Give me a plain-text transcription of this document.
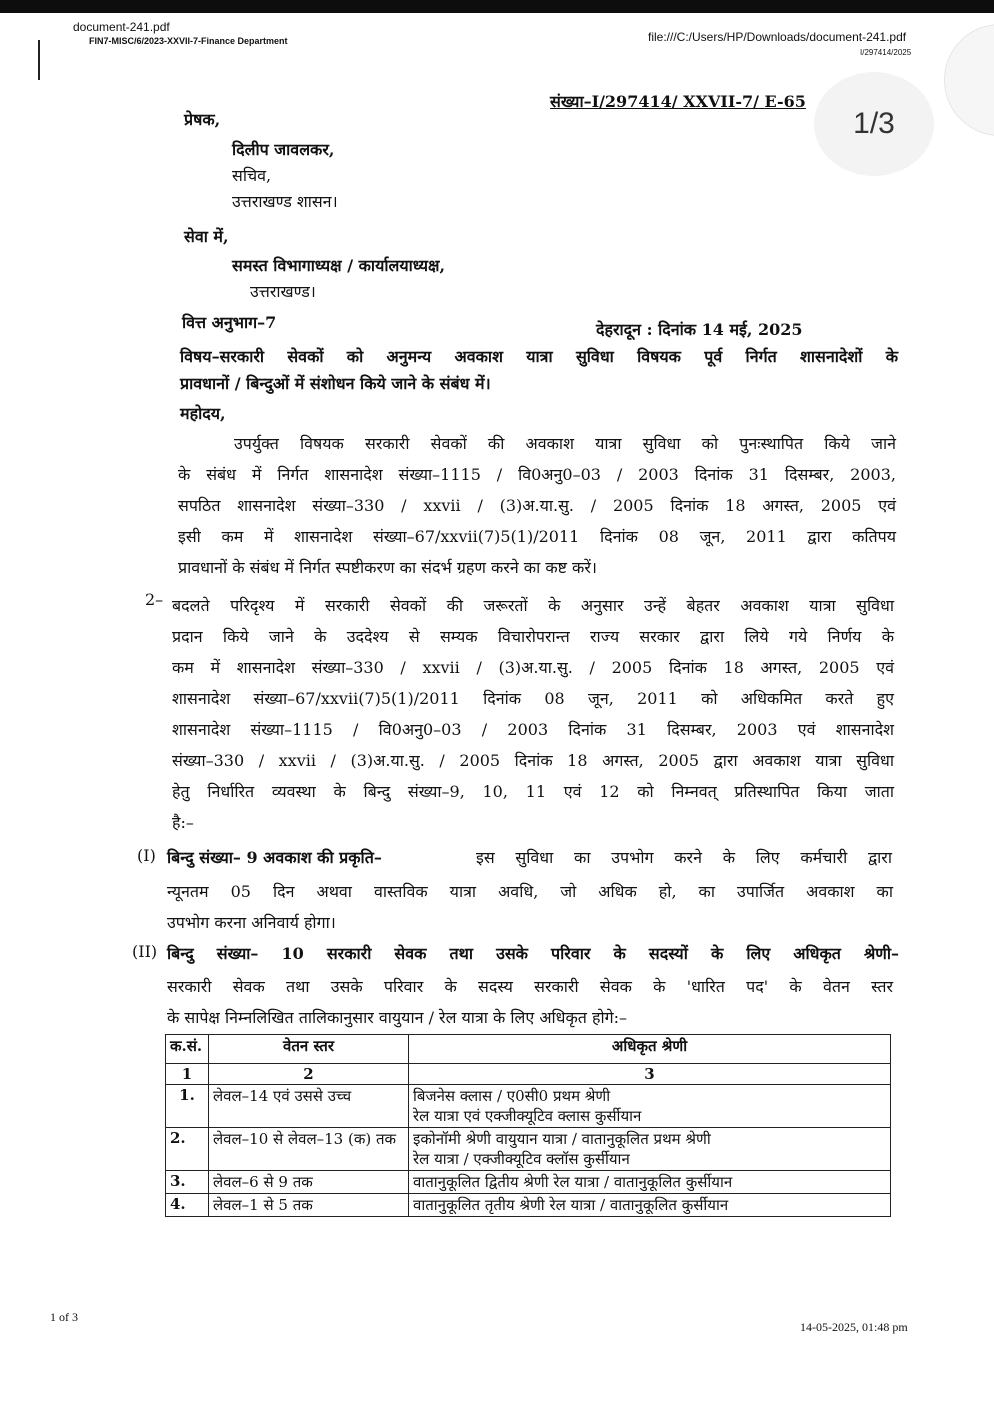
document-241.pdf
FIN7-MISC/6/2023-XXVII-7-Finance Department	file:///C:/Users/HP/Downloads/document-241.pdf
I/297414/2025
1/3
संख्या–I/297414/ XXVII-7/ E-65
प्रेषक,
दिलीप जावलकर,
सचिव,
उत्तराखण्ड शासन।
सेवा में,
समस्त विभागाध्यक्ष / कार्यालयाध्यक्ष,
उत्तराखण्ड।
वित्त अनुभाग–7	देहरादून : दिनांक 14 मई, 2025
विषय–सरकारी सेवकों को अनुमन्य अवकाश यात्रा सुविधा विषयक पूर्व निर्गत शासनादेशों के
प्रावधानों / बिन्दुओं में संशोधन किये जाने के संबंध में।
महोदय,
उपर्युक्त विषयक सरकारी सेवकों की अवकाश यात्रा सुविधा को पुनःस्थापित किये जाने
के संबंध में निर्गत शासनादेश संख्या–1115 / वि0अनु0–03 / 2003 दिनांक 31 दिसम्बर, 2003,
सपठित शासनादेश संख्या–330 / xxvii / (3)अ.या.सु. / 2005 दिनांक 18 अगस्त, 2005 एवं
इसी कम में शासनादेश संख्या–67/xxvii(7)5(1)/2011 दिनांक 08 जून, 2011 द्वारा कतिपय
प्रावधानों के संबंध में निर्गत स्पष्टीकरण का संदर्भ ग्रहण करने का कष्ट करें।
2– बदलते परिदृश्य में सरकारी सेवकों की जरूरतों के अनुसार उन्हें बेहतर अवकाश यात्रा सुविधा
प्रदान किये जाने के उददेश्य से सम्यक विचारोपरान्त राज्य सरकार द्वारा लिये गये निर्णय के
कम में शासनादेश संख्या–330 / xxvii / (3)अ.या.सु. / 2005 दिनांक 18 अगस्त, 2005 एवं
शासनादेश संख्या–67/xxvii(7)5(1)/2011 दिनांक 08 जून, 2011 को अधिकमित करते हुए
शासनादेश संख्या–1115 / वि0अनु0–03 / 2003 दिनांक 31 दिसम्बर, 2003 एवं शासनादेश
संख्या–330 / xxvii / (3)अ.या.सु. / 2005 दिनांक 18 अगस्त, 2005 द्वारा अवकाश यात्रा सुविधा
हेतु निर्धारित व्यवस्था के बिन्दु संख्या–9, 10, 11 एवं 12 को निम्नवत् प्रतिस्थापित किया जाता
है:–
(I) बिन्दु संख्या– 9 अवकाश की प्रकृति–	इस सुविधा का उपभोग करने के लिए कर्मचारी द्वारा
न्यूनतम 05 दिन अथवा वास्तविक यात्रा अवधि, जो अधिक हो, का उपार्जित अवकाश का
उपभोग करना अनिवार्य होगा।
(II) बिन्दु संख्या– 10 सरकारी सेवक तथा उसके परिवार के सदस्यों के लिए अधिकृत श्रेणी–
सरकारी सेवक तथा उसके परिवार के सदस्य सरकारी सेवक के 'धारित पद' के वेतन स्तर
के सापेक्ष निम्नलिखित तालिकानुसार वायुयान / रेल यात्रा के लिए अधिकृत होगे:–
क.सं.	वेतन स्तर	अधिकृत श्रेणी
1	2	3
1.	लेवल–14 एवं उससे उच्च	बिजनेस क्लास / ए0सी0 प्रथम श्रेणी
रेल यात्रा एवं एक्जीक्यूटिव क्लास कुर्सीयान

2.	लेवल–10 से लेवल–13 (क) तक	इकोनॉमी श्रेणी वायुयान यात्रा / वातानुकूलित प्रथम श्रेणी
रेल यात्रा / एक्जीक्यूटिव क्लॉस कुर्सीयान

3.	लेवल–6 से 9 तक	वातानुकूलित द्वितीय श्रेणी रेल यात्रा / वातानुकूलित कुर्सीयान
4.	लेवल–1 से 5 तक	वातानुकूलित तृतीय श्रेणी रेल यात्रा / वातानुकूलित कुर्सीयान
1 of 3
14-05-2025, 01:48 pm
